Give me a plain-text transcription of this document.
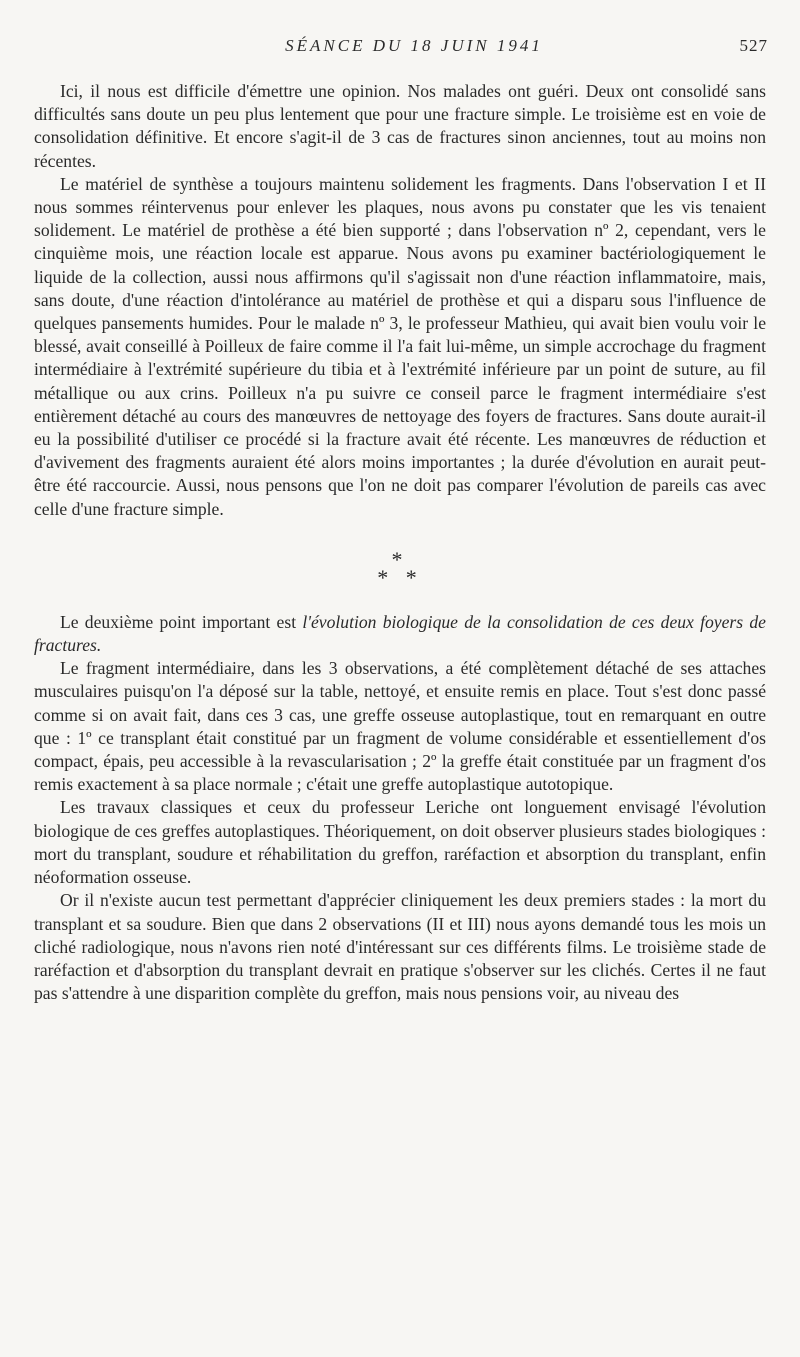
SÉANCE DU 18 JUIN 1941	527

Ici, il nous est difficile d'émettre une opinion. Nos malades ont guéri. Deux ont consolidé sans difficultés sans doute un peu plus lentement que pour une fracture simple. Le troisième est en voie de consolidation définitive. Et encore s'agit-il de 3 cas de fractures sinon anciennes, tout au moins non récentes.

Le matériel de synthèse a toujours maintenu solidement les fragments. Dans l'observation I et II nous sommes réintervenus pour enlever les plaques, nous avons pu constater que les vis tenaient solidement. Le matériel de prothèse a été bien supporté ; dans l'observation nº 2, cependant, vers le cinquième mois, une réaction locale est apparue. Nous avons pu examiner bactériologiquement le liquide de la collection, aussi nous affirmons qu'il s'agissait non d'une réaction inflammatoire, mais, sans doute, d'une réaction d'intolérance au matériel de prothèse et qui a disparu sous l'influence de quelques pansements humides. Pour le malade nº 3, le professeur Mathieu, qui avait bien voulu voir le blessé, avait conseillé à Poilleux de faire comme il l'a fait lui-même, un simple accrochage du fragment intermédiaire à l'extrémité supérieure du tibia et à l'extrémité inférieure par un point de suture, au fil métallique ou aux crins. Poilleux n'a pu suivre ce conseil parce le fragment intermédiaire s'est entièrement détaché au cours des manœuvres de nettoyage des foyers de fractures. Sans doute aurait-il eu la possibilité d'utiliser ce procédé si la fracture avait été récente. Les manœuvres de réduction et d'avivement des fragments auraient été alors moins importantes ; la durée d'évolution en aurait peut-être été raccourcie. Aussi, nous pensons que l'on ne doit pas comparer l'évolution de pareils cas avec celle d'une fracture simple.

*
* *

Le deuxième point important est l'évolution biologique de la consolidation de ces deux foyers de fractures.

Le fragment intermédiaire, dans les 3 observations, a été complètement détaché de ses attaches musculaires puisqu'on l'a déposé sur la table, nettoyé, et ensuite remis en place. Tout s'est donc passé comme si on avait fait, dans ces 3 cas, une greffe osseuse autoplastique, tout en remarquant en outre que : 1º ce transplant était constitué par un fragment de volume considérable et essentiellement d'os compact, épais, peu accessible à la revascularisation ; 2º la greffe était constituée par un fragment d'os remis exactement à sa place normale ; c'était une greffe autoplastique autotopique.

Les travaux classiques et ceux du professeur Leriche ont longuement envisagé l'évolution biologique de ces greffes autoplastiques. Théoriquement, on doit observer plusieurs stades biologiques : mort du transplant, soudure et réhabilitation du greffon, raréfaction et absorption du transplant, enfin néoformation osseuse.

Or il n'existe aucun test permettant d'apprécier cliniquement les deux premiers stades : la mort du transplant et sa soudure. Bien que dans 2 observations (II et III) nous ayons demandé tous les mois un cliché radiologique, nous n'avons rien noté d'intéressant sur ces différents films. Le troisième stade de raréfaction et d'absorption du transplant devrait en pratique s'observer sur les clichés. Certes il ne faut pas s'attendre à une disparition complète du greffon, mais nous pensions voir, au niveau des
